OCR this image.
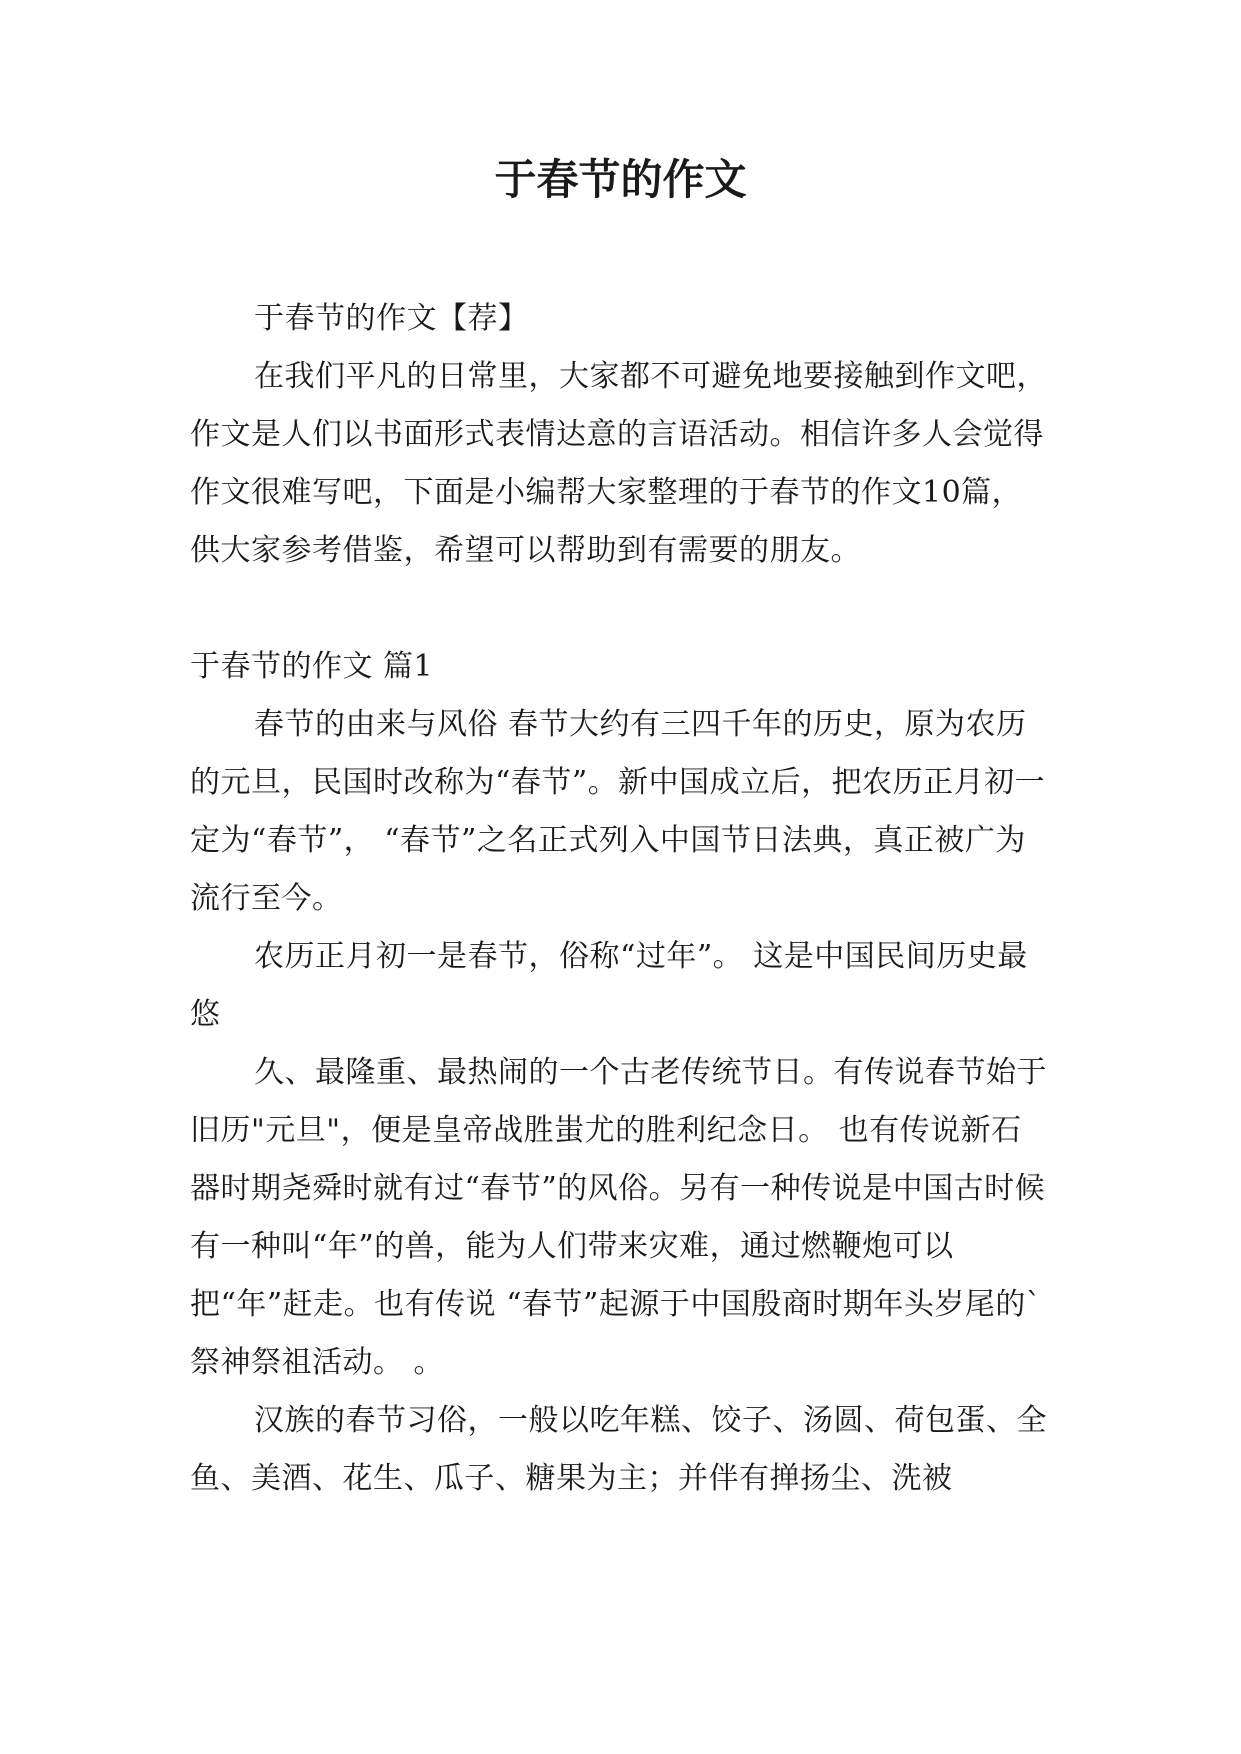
于春节的作文

于春节的作文【荐】

在我们平凡的日常里，大家都不可避免地要接触到作文吧，作文是人们以书面形式表情达意的言语活动。相信许多人会觉得作文很难写吧，下面是小编帮大家整理的于春节的作文10篇，供大家参考借鉴，希望可以帮助到有需要的朋友。

于春节的作文 篇1

春节的由来与风俗 春节大约有三四千年的历史，原为农历的元旦，民国时改称为“春节”。新中国成立后，把农历正月初一定为“春节”， “春节”之名正式列入中国节日法典，真正被广为流行至今。

农历正月初一是春节，俗称“过年”。 这是中国民间历史最悠

久、最隆重、最热闹的一个古老传统节日。有传说春节始于旧历"元旦"，便是皇帝战胜蚩尤的胜利纪念日。 也有传说新石器时期尧舜时就有过“春节”的风俗。另有一种传说是中国古时候有一种叫“年”的兽，能为人们带来灾难，通过燃鞭炮可以把“年”赶走。也有传说 “春节”起源于中国殷商时期年头岁尾的`祭神祭祖活动。 。

汉族的春节习俗，一般以吃年糕、饺子、汤圆、荷包蛋、全鱼、美酒、花生、瓜子、糖果为主；并伴有掸扬尘、洗被
